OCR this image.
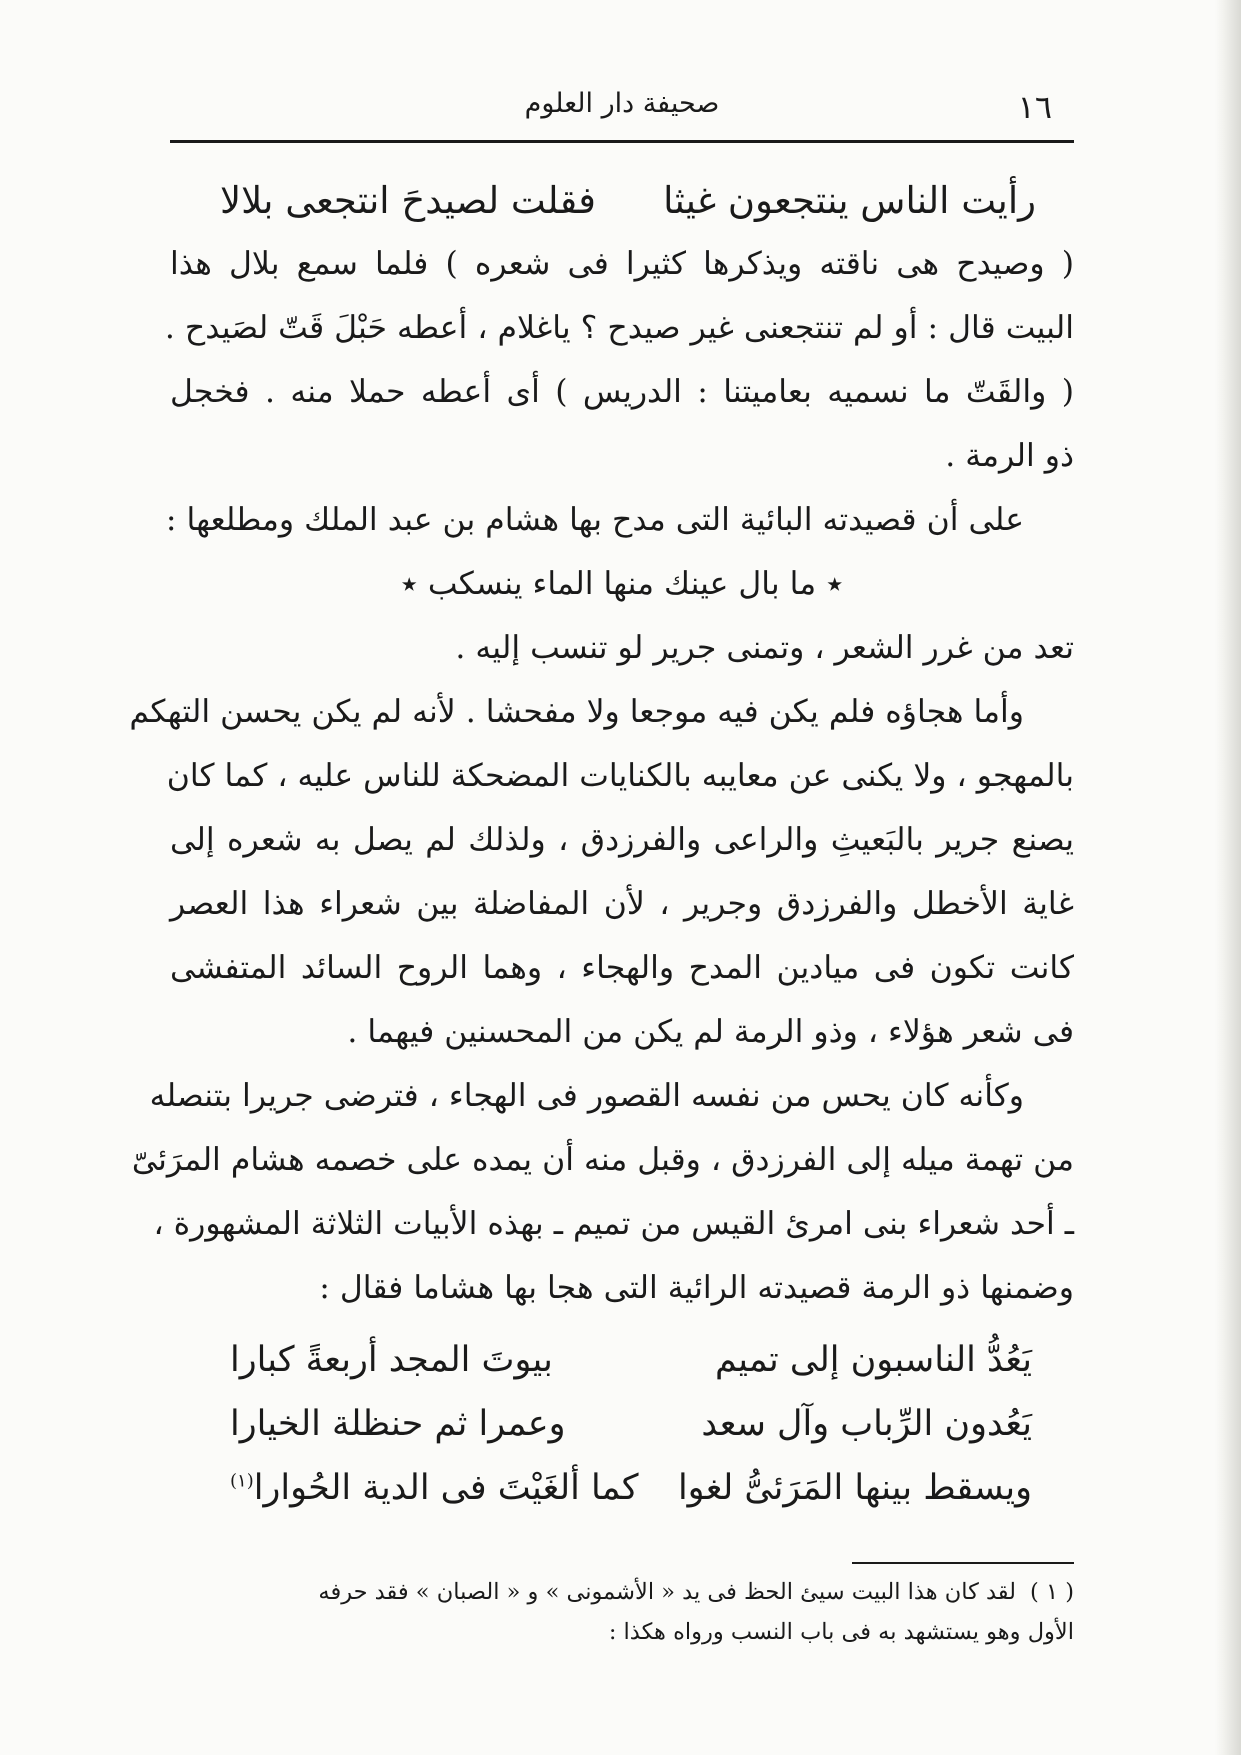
١٦
صحيفة دار العلوم
رأيت الناس ينتجعون غيثا
فقلت لصيدحَ انتجعى بلالا
( وصيدح هى ناقته ويذكرها كثيرا فى شعره ) فلما سمع بلال هذا
البيت قال : أو لم تنتجعنى غير صيدح ؟ ياغلام ، أعطه حَبْلَ قَتّ لصَيدح .
( والقَتّ ما نسميه بعاميتنا : الدريس ) أى أعطه حملا منه . فخجل
ذو الرمة .
على أن قصيدته البائية التى مدح بها هشام بن عبد الملك ومطلعها :
٭ ما بال عينك منها الماء ينسكب ٭
تعد من غرر الشعر ، وتمنى جرير لو تنسب إليه .
وأما هجاؤه فلم يكن فيه موجعا ولا مفحشا . لأنه لم يكن يحسن التهكم
بالمهجو ، ولا يكنى عن معايبه بالكنايات المضحكة للناس عليه ، كما كان
يصنع جرير بالبَعيثِ والراعى والفرزدق ، ولذلك لم يصل به شعره إلى
غاية الأخطل والفرزدق وجرير ، لأن المفاضلة بين شعراء هذا العصر
كانت تكون فى ميادين المدح والهجاء ، وهما الروح السائد المتفشى
فى شعر هؤلاء ، وذو الرمة لم يكن من المحسنين فيهما .
وكأنه كان يحس من نفسه القصور فى الهجاء ، فترضى جريرا بتنصله
من تهمة ميله إلى الفرزدق ، وقبل منه أن يمده على خصمه هشام المرَئىّ
ـ أحد شعراء بنى امرئ القيس من تميم ـ بهذه الأبيات الثلاثة المشهورة ،
وضمنها ذو الرمة قصيدته الرائية التى هجا بها هشاما فقال :
يَعُدُّ الناسبون إلى تميم
بيوتَ المجد أربعةً كبارا
يَعُدون الرِّباب وآل سعد
وعمرا ثم حنظلة الخيارا
ويسقط بينها المَرَئىُّ لغوا
كما ألغَيْتَ فى الدية الحُوارا$^{(١)}$
( ١ )لقد كان هذا البيت سيئ الحظ فى يد « الأشمونى » و « الصبان » فقد حرفه
الأول وهو يستشهد به فى باب النسب ورواه هكذا :
